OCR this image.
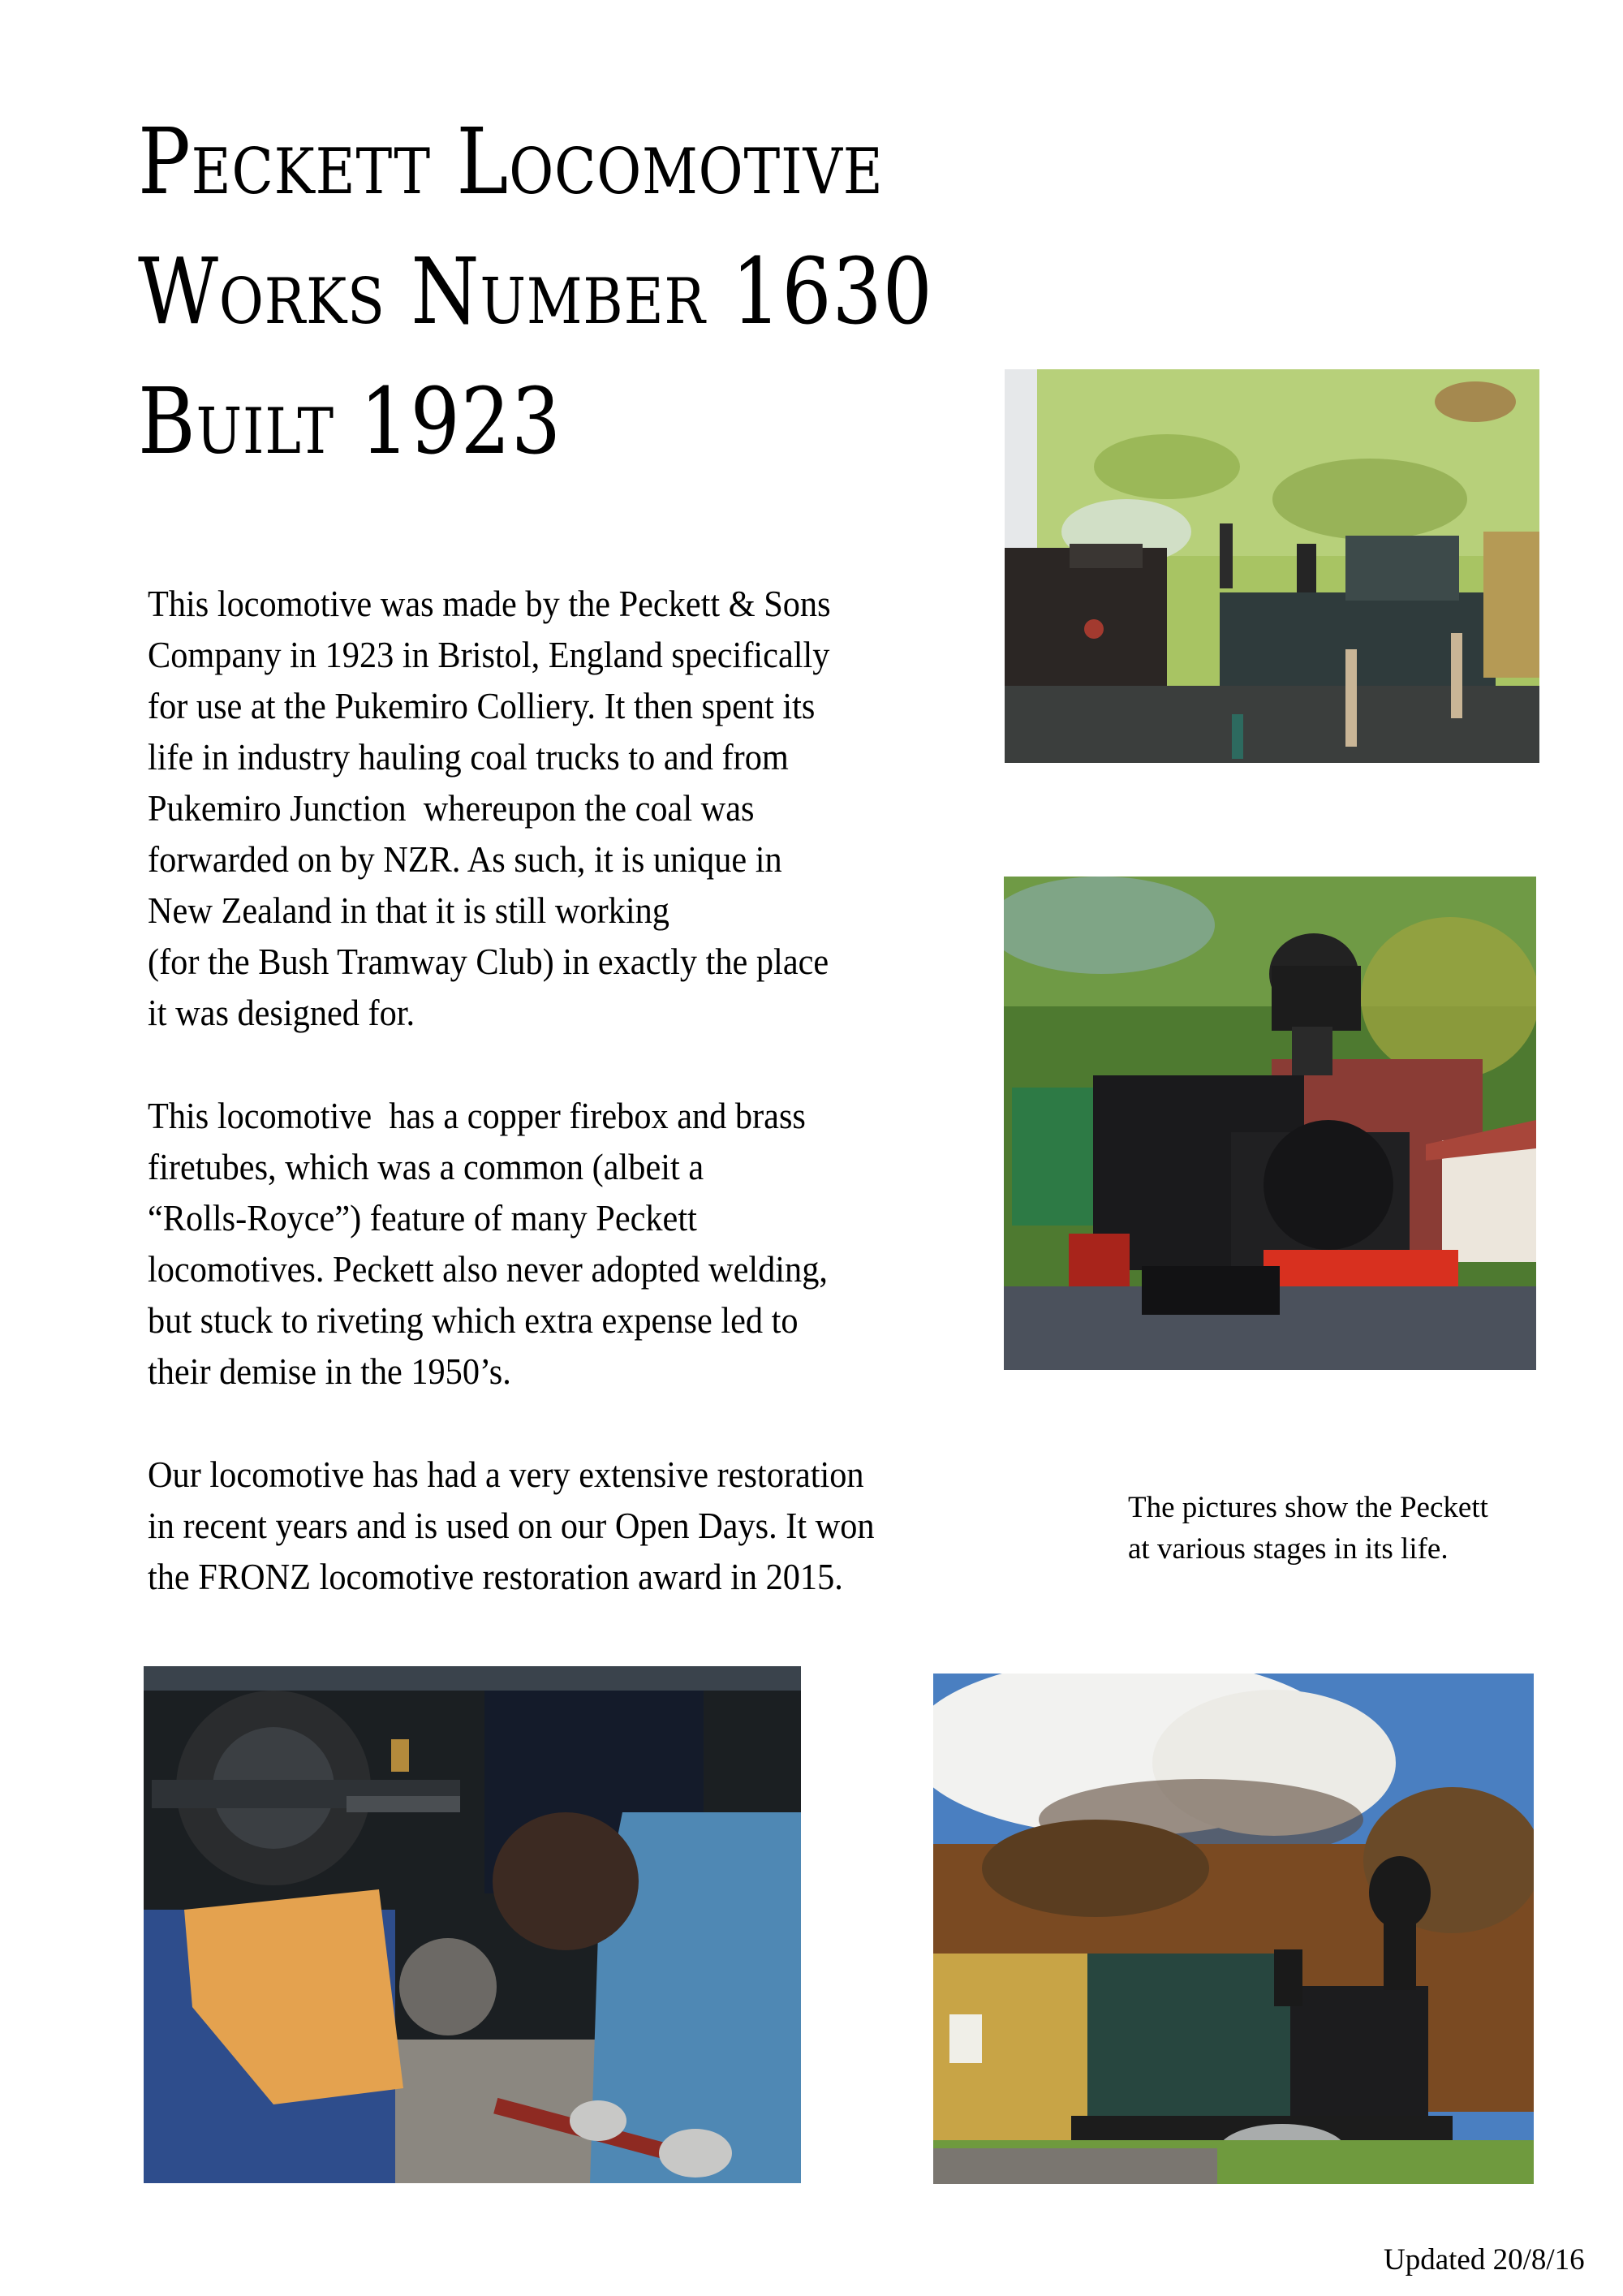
Peckett Locomotive
Works Number 1630
Built 1923
This locomotive was made by the Peckett & Sons
Company in 1923 in Bristol, England specifically
for use at the Pukemiro Colliery. It then spent its
life in industry hauling coal trucks to and from
Pukemiro Junction  whereupon the coal was
forwarded on by NZR. As such, it is unique in
New Zealand in that it is still working
(for the Bush Tramway Club) in exactly the place
it was designed for.
This locomotive  has a copper firebox and brass
firetubes, which was a common (albeit a
“Rolls-Royce”) feature of many Peckett
locomotives. Peckett also never adopted welding,
but stuck to riveting which extra expense led to
their demise in the 1950’s.
Our locomotive has had a very extensive restoration
in recent years and is used on our Open Days. It won
the FRONZ locomotive restoration award in 2015.
The pictures show the Peckett
at various stages in its life.
Updated 20/8/16
